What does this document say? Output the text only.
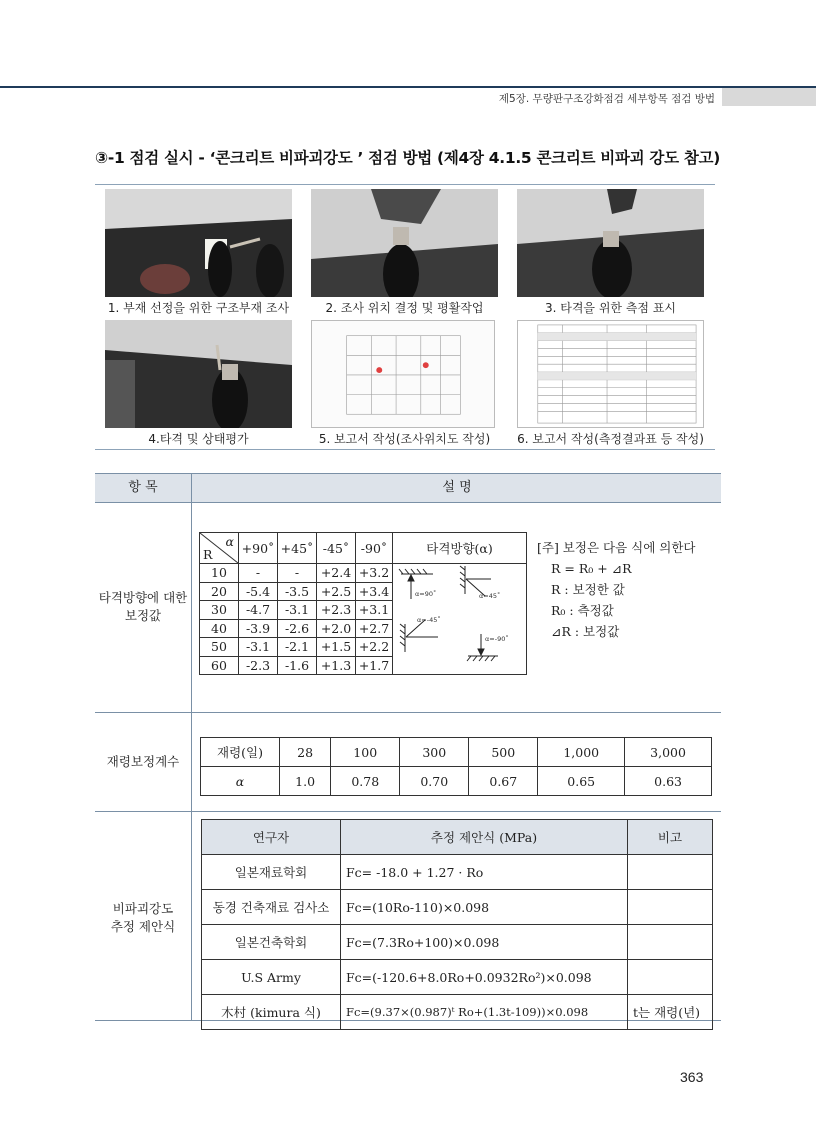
제5장. 무량판구조강화점검 세부항목 점검 방법
③-1 점검 실시 - ‘콘크리트 비파괴강도 ’ 점검 방법 (제4장 4.1.5 콘크리트 비파괴 강도 참고)
1. 부재 선정을 위한 구조부재 조사	2. 조사 위치 결정 및 평활작업	3. 타격을 위한 측점 표시
4.타격 및 상태평가	5. 보고서 작성(조사위치도 작성)	6. 보고서 작성(측정결과표 등 작성)
항 목	설 명
타격방향에 대한
보정값
α
R	+90˚	+45˚	-45˚	-90˚	타격방향(α)
10	-	-	+2.4	+3.2	α=90˚ α=45˚
α=-45˚
α=-90˚

20	-5.4	-3.5	+2.5	+3.4	
30	-4.7	-3.1	+2.3	+3.1	
40	-3.9	-2.6	+2.0	+2.7	
50	-3.1	-2.1	+1.5	+2.2	
60	-2.3	-1.6	+1.3	+1.7	
[주] 보정은 다음 식에 의한다
R = R₀ + ⊿R
R : 보정한 값
R₀ : 측정값
⊿R : 보정값
재령보정계수
재령(일)	28	100	300	500	1,000	3,000
α	1.0	0.78	0.70	0.67	0.65	0.63
비파괴강도
추정 제안식
연구자	추정 제안식 (MPa)	비고
일본재료학회	Fc= -18.0 + 1.27 · Ro	
동경 건축재료 검사소	Fc=(10Ro-110)×0.098	
일본건축학회	Fc=(7.3Ro+100)×0.098	
U.S Army	Fc=(-120.6+8.0Ro+0.0932Ro²)×0.098	
木村 (kimura 식)	Fc=(9.37×(0.987)ᵗ Ro+(1.3t-109))×0.098	t는 재령(년)
363
